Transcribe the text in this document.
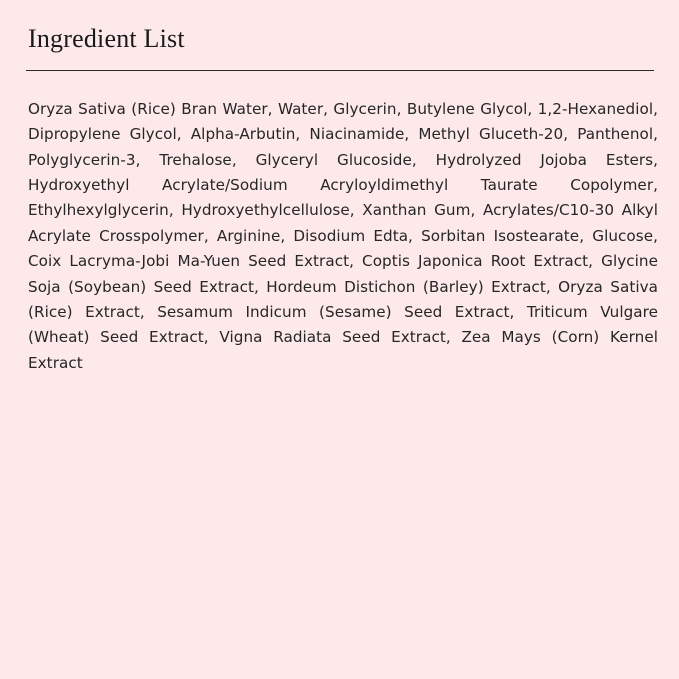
Ingredient List

Oryza Sativa (Rice) Bran Water, Water, Glycerin, Butylene Glycol, 1,2-Hexanediol, Dipropylene Glycol, Alpha-Arbutin, Niacinamide, Methyl Gluceth-20, Panthenol, Polyglycerin-3, Trehalose, Glyceryl Glucoside, Hydrolyzed Jojoba Esters, Hydroxyethyl Acrylate/Sodium Acryloyldimethyl Taurate Copolymer, Ethylhexylglycerin, Hydroxyethylcellulose, Xanthan Gum, Acrylates/C10-30 Alkyl Acrylate Crosspolymer, Arginine, Disodium Edta, Sorbitan Isostearate, Glucose, Coix Lacryma-Jobi Ma-Yuen Seed Extract, Coptis Japonica Root Extract, Glycine Soja (Soybean) Seed Extract, Hordeum Distichon (Barley) Extract, Oryza Sativa (Rice) Extract, Sesamum Indicum (Sesame) Seed Extract, Triticum Vulgare (Wheat) Seed Extract, Vigna Radiata Seed Extract, Zea Mays (Corn) Kernel Extract
